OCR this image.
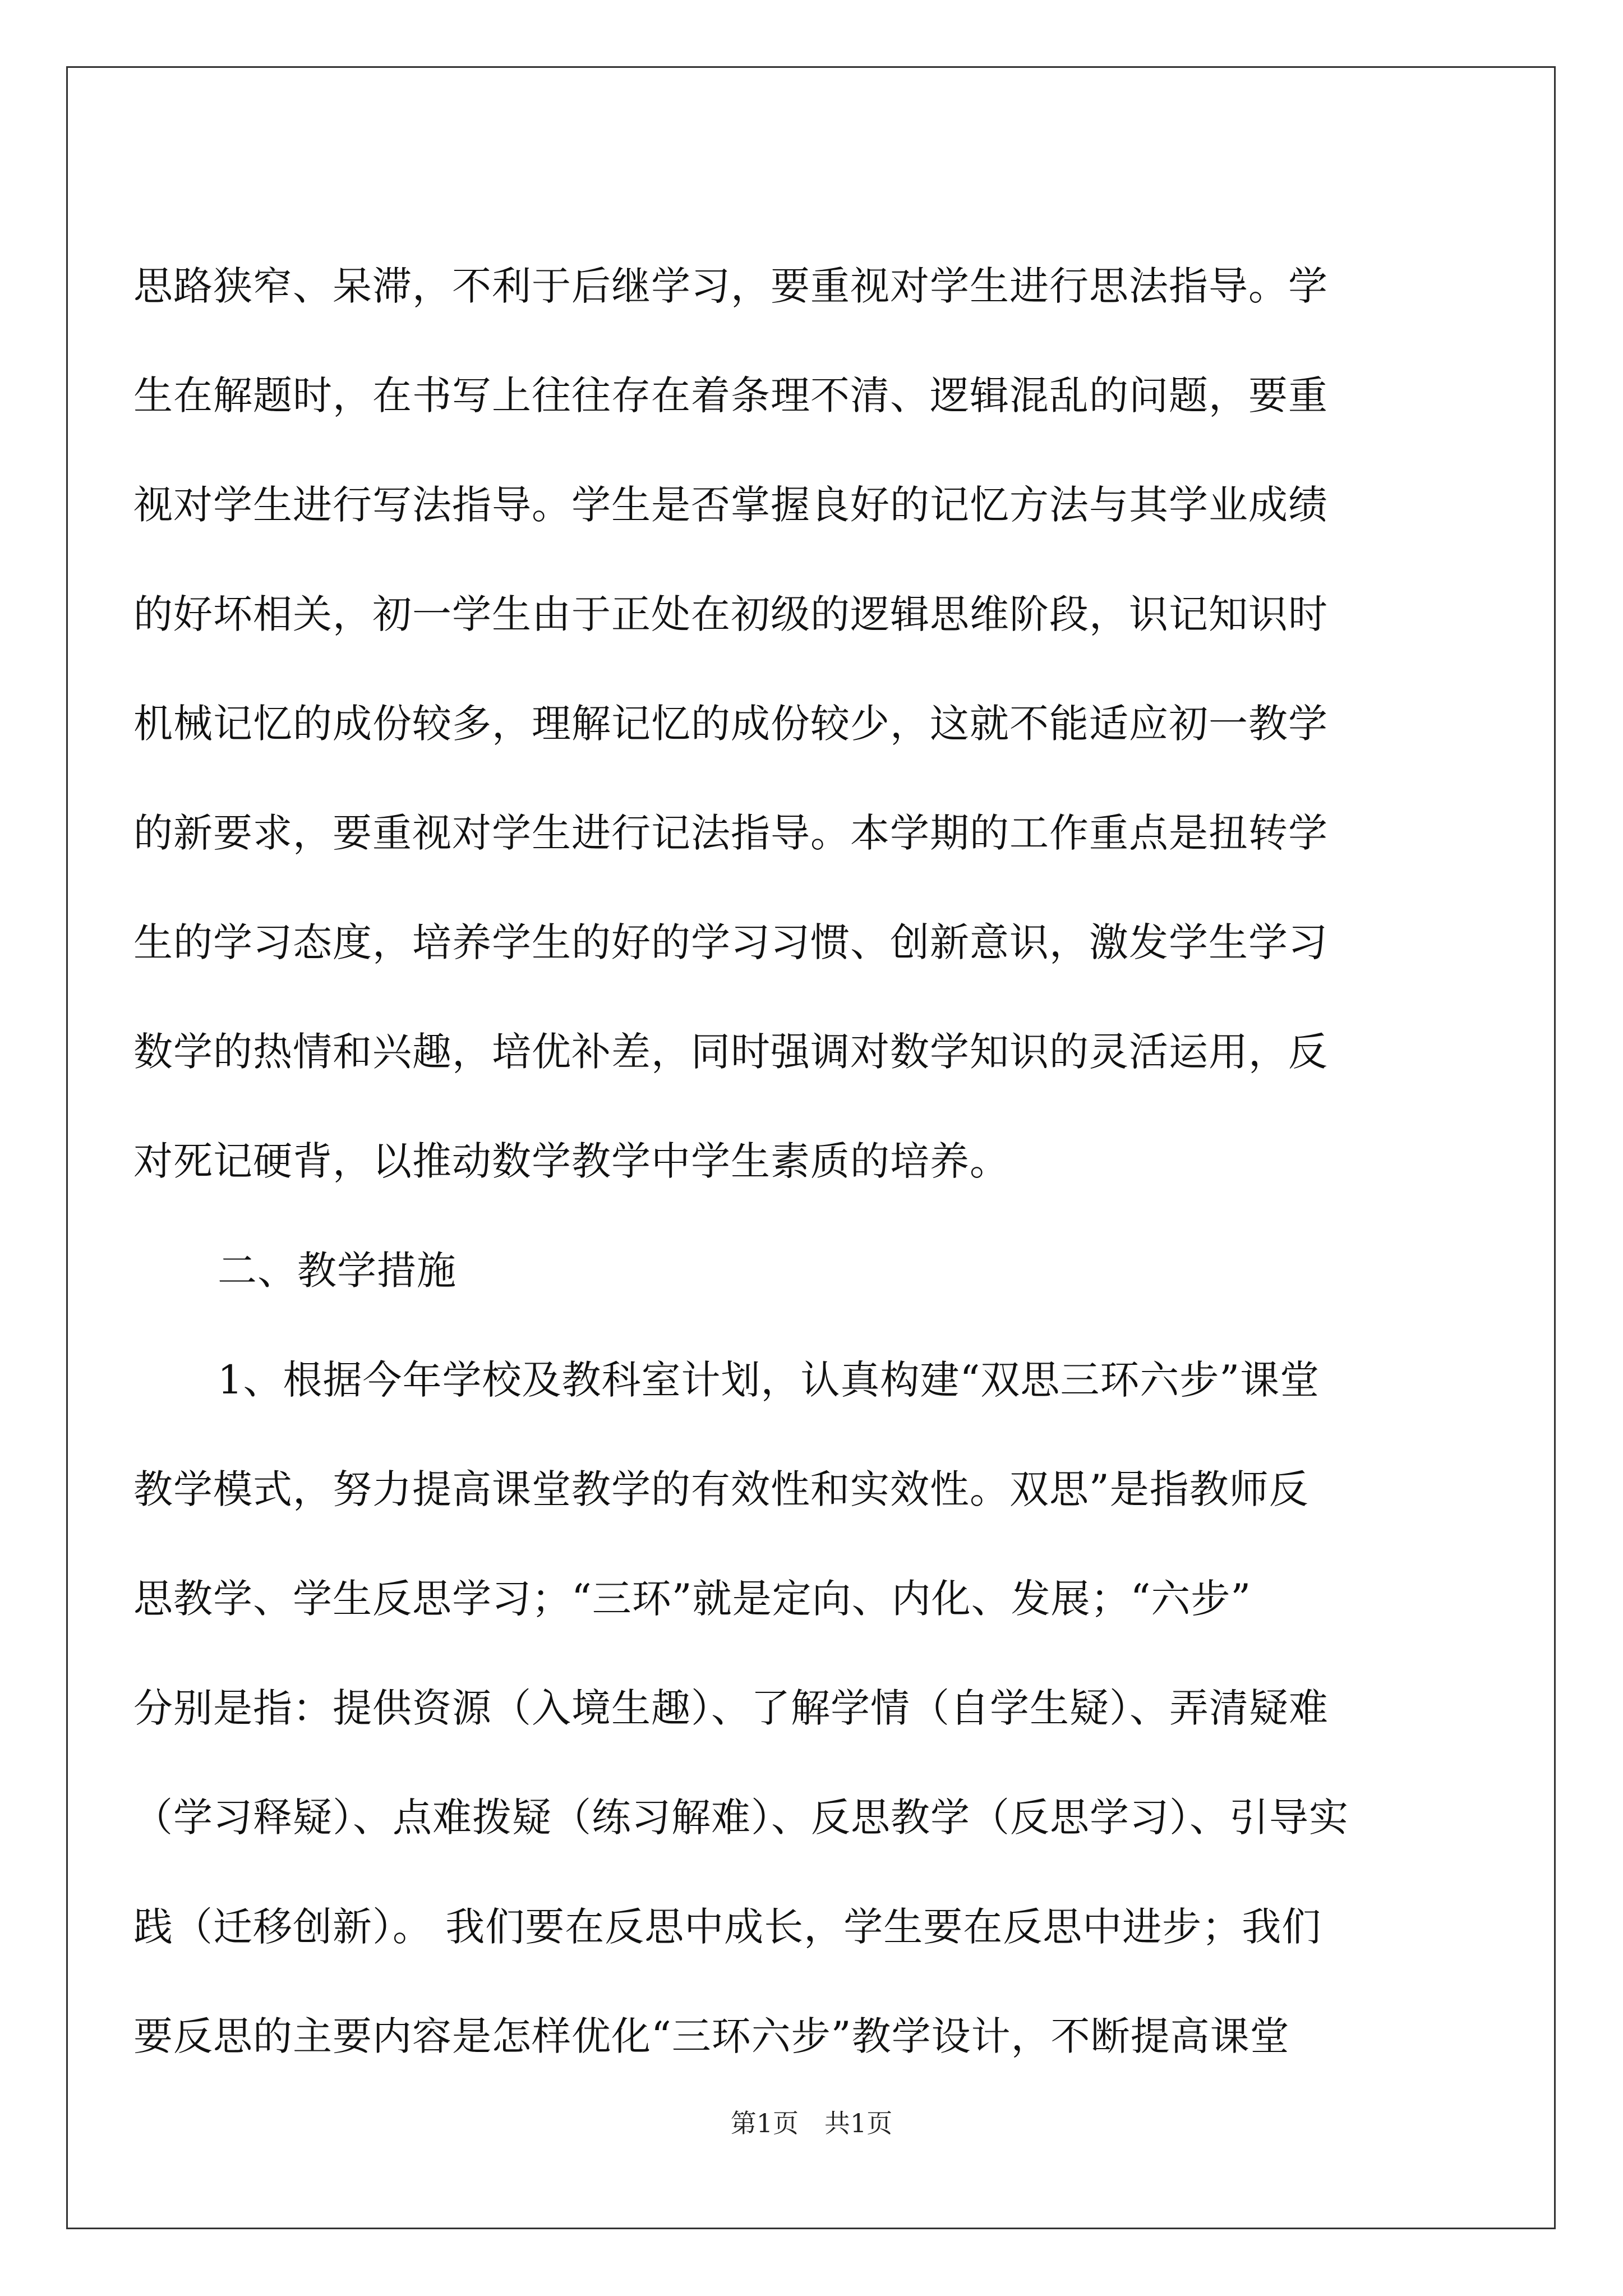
思路狭窄、呆滞，不利于后继学习，要重视对学生进行思法指导。学
生在解题时，在书写上往往存在着条理不清、逻辑混乱的问题，要重
视对学生进行写法指导。学生是否掌握良好的记忆方法与其学业成绩
的好坏相关，初一学生由于正处在初级的逻辑思维阶段，识记知识时
机械记忆的成份较多，理解记忆的成份较少，这就不能适应初一教学
的新要求，要重视对学生进行记法指导。本学期的工作重点是扭转学
生的学习态度，培养学生的好的学习习惯、创新意识，激发学生学习
数学的热情和兴趣，培优补差，同时强调对数学知识的灵活运用，反
对死记硬背，以推动数学教学中学生素质的培养。
二、教学措施
1、根据今年学校及教科室计划，认真构建“双思三环六步”课堂
教学模式，努力提高课堂教学的有效性和实效性。双思”是指教师反
思教学、学生反思学习；“三环”就是定向、内化、发展；“六步”
分别是指：提供资源（入境生趣）、了解学情（自学生疑）、弄清疑难
（学习释疑）、点难拨疑（练习解难）、反思教学（反思学习）、引导实
践（迁移创新）。 我们要在反思中成长，学生要在反思中进步；我们
要反思的主要内容是怎样优化“三环六步”教学设计，不断提高课堂
第1页　共1页
